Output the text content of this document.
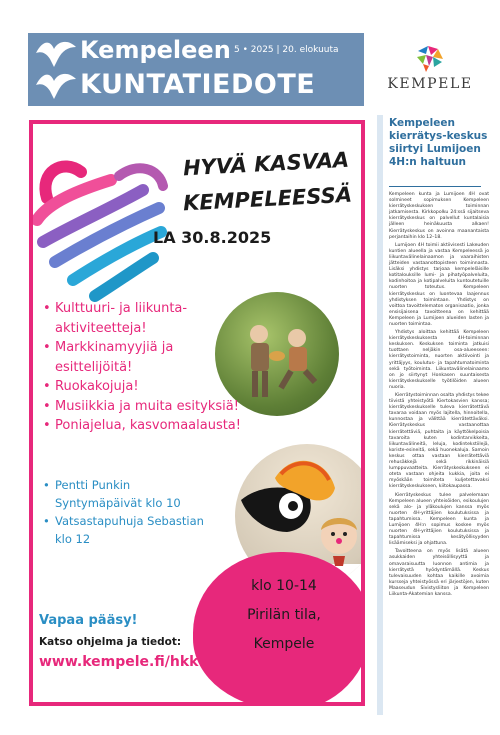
Kempeleen 5 • 2025 | 20. elokuuta
KUNTATIEDOTE	KEMPELE
HYVÄ KASVAA
KEMPELEESSÄ
LA 30.8.2025
• Kulttuuri- ja liikunta-
aktiviteetteja!
• Markkinamyyjiä ja
esittelijöitä!
• Ruokakojuja!
• Musiikkia ja muita esityksiä!
• Poniajelua, kasvomaalausta!
• Pentti Punkin
Syntymäpäivät klo 10
• Vatsastapuhuja Sebastian
klo 12
klo 10-14
Pirilän tila,
Kempele
Vapaa pääsy!
Katso ohjelma ja tiedot:
www.kempele.fi/hkk
Kempeleen kierrätys-keskus siirtyi Lumijoen 4H:n haltuun

Kempeleen kunta ja Lumijoen 4H ovat solmineet sopimuksen Kempeleen kierrätyskeskuksen toiminnan jatkamisesta. Kirkkopolku 24:ssä sijaitseva kierrätyskeskus on palvellut kuntalaisia jälleen heinäkuusta alkaen! Kierrätyskeskus on avoinna maanantaista perjantaihin klo 12–18.

Lumijoen 4H toimii aktiivisesti Lakeuden kuntien alueella ja vastaa Kempeleessä jo liikuntavälinelainaamon ja vaaraihisten jätteiden vastaanottopisteen toiminnasta. Lisäksi yhdistys tarjoaa kempeleläisille kotitalouksille lumi- ja pihatyöpalveluita, kodinhoitoa ja kotipalveluita kuntoutetuille nuorten toteutus. Kempeleen kierrätyskeskus on luontevaa laajennus yhdistyksen toimintaan. Yhdistys on voittoa tavoittelematon organisaatio, jonka ensisijaisena tavoitteena on kehittää Kempeleen ja Lumijoen alueiden lasten ja nuorten toimintaa.

Yhdistys aloittaa kehittää Kempeleen kierrätyskeskuksesta 4H-toiminnan keskuksen. Keskuksen toiminta jatkuisi tuottaen neljäkin osa-alueeseen: kierrätystoiminta, nuorten aktiivointi ja yrittäjyys, koulutus- ja tapahtumatoiminta sekä työtoiminta. Liikuntavälinelainaamo on jo siirtynyt Honkasen suuntaisesta kierrätyskeskukselle työtilöiden alueen nuoria.

Kierrätystoiminnan osalta yhdistys tekee tiivistä yhteistyötä Kiertokasvien kanssa; kierrätyskeskukselle tuleva kierrätettävä tavaraa voidaan myös lajitella, hinnoitella, kunnostaa ja välittää kierrätettäväksi. Kierrätyskeskus vastaanottaa kierrätettäviä, puhtaita ja käyttökelpoisia tavaroita kuten kodintarvikkeita, liikuntavälineitä, leluja, kodintekstiilejä, koriste-esineitä, sekä huonekaluja. Samoin keskus ottaa vastaan kierrätettäviä rehusäkkejä sekä rikkinäisiä lumppuvaatteita. Kierrätyskeskukseen ei oteta vastaan ohjeita kukkia, joita ei myöskään toimiteta kuljetettavaksi kierrätyskeskukseen, kiitokaupassa.

Kierrätyskeskus tulee palvelemaan Kempeleen alueen yhteisöiden, esikoulujen sekä alo- ja yläkoulujen kanssa myös nuorten 4H-yrittäjien koulutuksissa ja tapahtumissa. Kempeleen kunta ja Lumijoen 4H:n sopimus koskee myös nuorten 4H-yrittäjien koulutuksissa ja tapahtumissa kesätyöllisyyden lisäämiseksi ja ohjattuna.

Tavoitteena on myös lisätä alueen asukkaiden yhteisöllisyyttä ja omavaraisuutta luonnon antimia ja kierrätystä hyödyntämällä. Keskus tulevaisuuden kohtaa kaikille avoimia kursseja yhteistyössä eri järjestöjen, kuten Maaseudun Sivistysliiton ja Kempeleen Liikunta-Akatemian kanssa.
